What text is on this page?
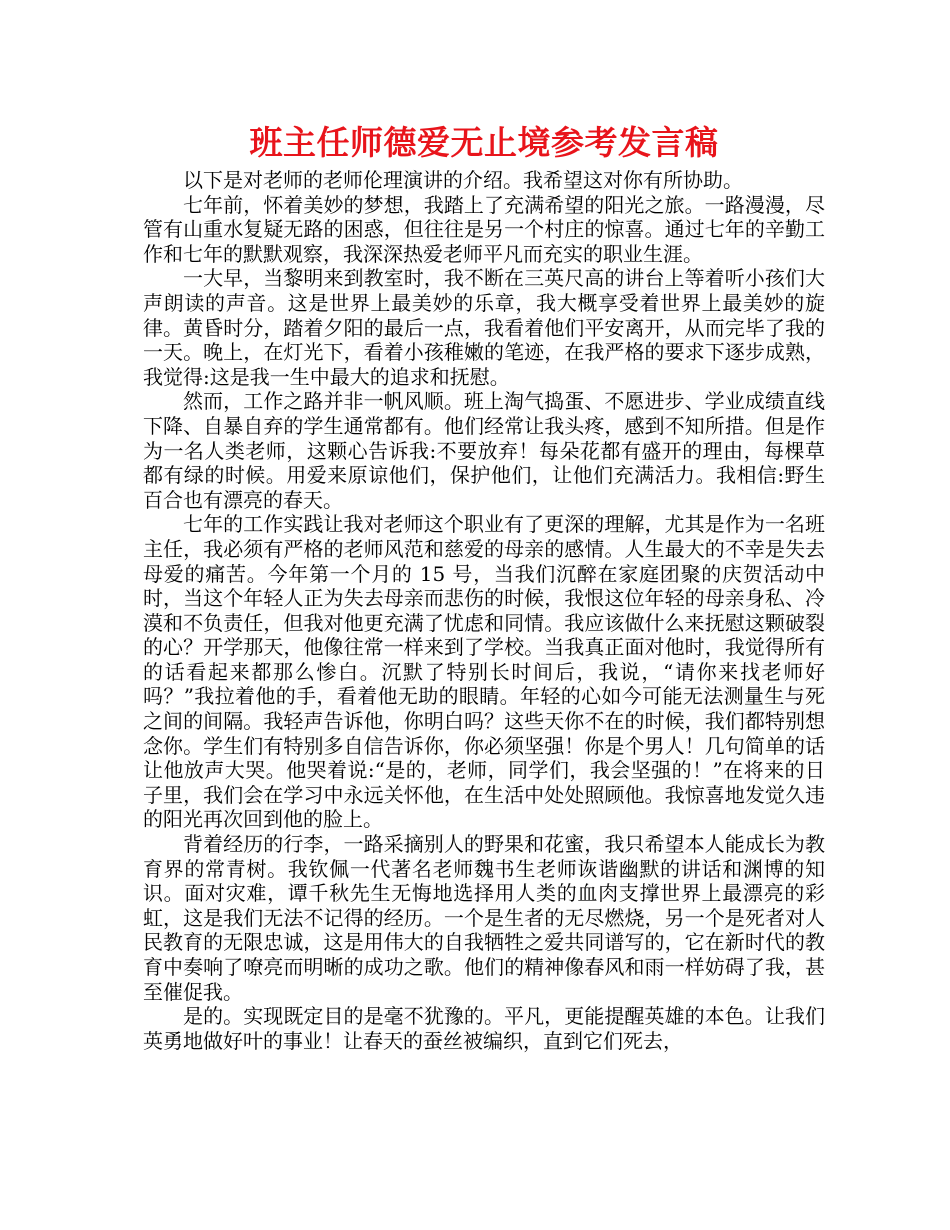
班主任师德爱无止境参考发言稿

以下是对老师的老师伦理演讲的介绍。我希望这对你有所协助。

七年前，怀着美妙的梦想，我踏上了充满希望的阳光之旅。一路漫漫，尽管有山重水复疑无路的困惑，但往往是另一个村庄的惊喜。通过七年的辛勤工作和七年的默默观察，我深深热爱老师平凡而充实的职业生涯。

一大早，当黎明来到教室时，我不断在三英尺高的讲台上等着听小孩们大声朗读的声音。这是世界上最美妙的乐章，我大概享受着世界上最美妙的旋律。黄昏时分，踏着夕阳的最后一点，我看着他们平安离开，从而完毕了我的一天。晚上，在灯光下，看着小孩稚嫩的笔迹，在我严格的要求下逐步成熟，我觉得:这是我一生中最大的追求和抚慰。

然而，工作之路并非一帆风顺。班上淘气捣蛋、不愿进步、学业成绩直线下降、自暴自弃的学生通常都有。他们经常让我头疼，感到不知所措。但是作为一名人类老师，这颗心告诉我:不要放弃！每朵花都有盛开的理由，每棵草都有绿的时候。用爱来原谅他们，保护他们，让他们充满活力。我相信:野生百合也有漂亮的春天。

七年的工作实践让我对老师这个职业有了更深的理解，尤其是作为一名班主任，我必须有严格的老师风范和慈爱的母亲的感情。人生最大的不幸是失去母爱的痛苦。今年第一个月的 15 号，当我们沉醉在家庭团聚的庆贺活动中时，当这个年轻人正为失去母亲而悲伤的时候，我恨这位年轻的母亲身私、冷漠和不负责任，但我对他更充满了忧虑和同情。我应该做什么来抚慰这颗破裂的心？开学那天，他像往常一样来到了学校。当我真正面对他时，我觉得所有的话看起来都那么惨白。沉默了特别长时间后，我说，“请你来找老师好吗？”我拉着他的手，看着他无助的眼睛。年轻的心如今可能无法测量生与死之间的间隔。我轻声告诉他，你明白吗？这些天你不在的时候，我们都特别想念你。学生们有特别多自信告诉你，你必须坚强！你是个男人！几句简单的话让他放声大哭。他哭着说:“是的，老师，同学们，我会坚强的！”在将来的日子里，我们会在学习中永远关怀他，在生活中处处照顾他。我惊喜地发觉久违的阳光再次回到他的脸上。

背着经历的行李，一路采摘别人的野果和花蜜，我只希望本人能成长为教育界的常青树。我钦佩一代著名老师魏书生老师诙谐幽默的讲话和渊博的知识。面对灾难，谭千秋先生无悔地选择用人类的血肉支撑世界上最漂亮的彩虹，这是我们无法不记得的经历。一个是生者的无尽燃烧，另一个是死者对人民教育的无限忠诚，这是用伟大的自我牺牲之爱共同谱写的，它在新时代的教育中奏响了嘹亮而明晰的成功之歌。他们的精神像春风和雨一样妨碍了我，甚至催促我。

是的。实现既定目的是毫不犹豫的。平凡，更能提醒英雄的本色。让我们英勇地做好叶的事业！让春天的蚕丝被编织，直到它们死去，
